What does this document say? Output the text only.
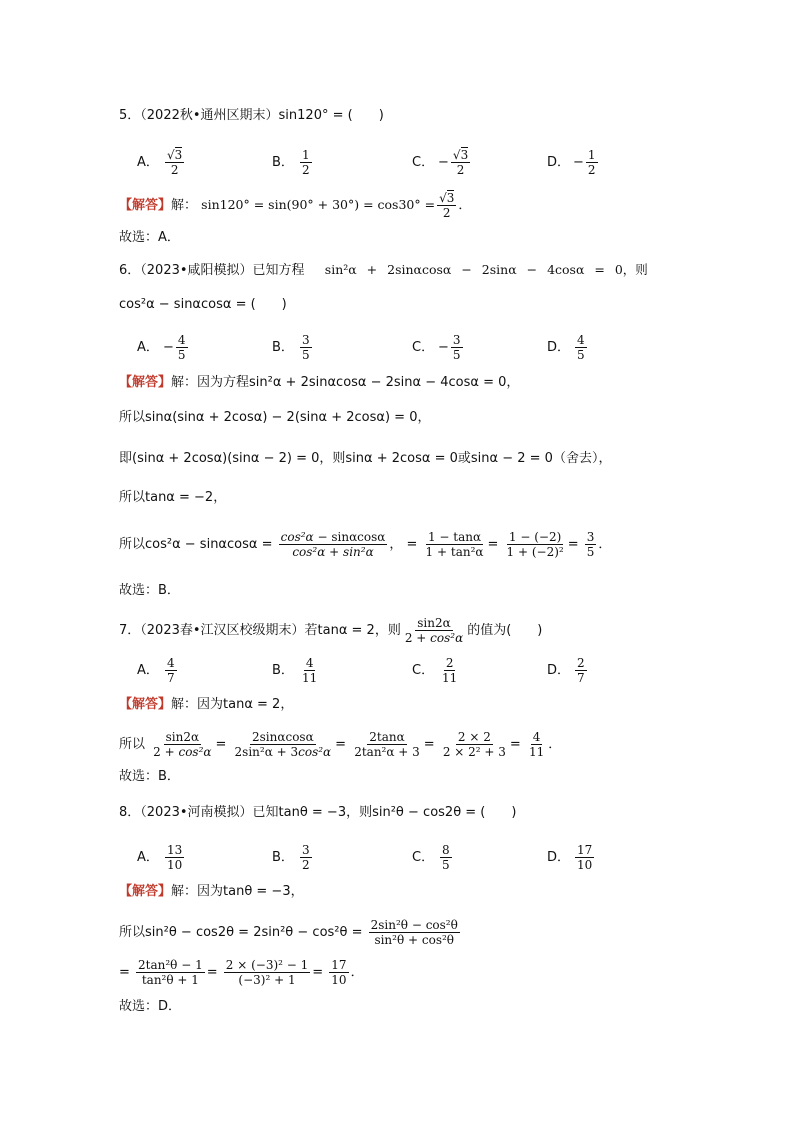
5．（2022秋•通州区期末）sin120° = (　　)
A． $\frac{√3}{2}$	B． $\frac{1}{2}$	C． − $\frac{√3}{2}$	D． − $\frac{1}{2}$
【解答】解： $\sin 120^\circ = \sin(90^\circ + 30^\circ) = \cos 30^\circ = \frac{√3}{2}$ ．
故选：A．
6．（2023•咸阳模拟）已知方程 sin²α + 2sinαcosα − 2sinα − 4cosα = 0，则
cos²α − sinαcosα = (　　)
A． − $\frac{4}{5}$	B． $\frac{3}{5}$	C． − $\frac{3}{5}$	D． $\frac{4}{5}$
【解答】解：因为方程sin²α + 2sinαcosα − 2sinα − 4cosα = 0，
所以sinα(sinα + 2cosα) − 2(sinα + 2cosα) = 0，
即(sinα + 2cosα)(sinα − 2) = 0，则sinα + 2cosα = 0或sinα − 2 = 0（舍去），
所以tanα = −2，
所以$\cos^2\alpha - \sin\alpha\cos\alpha = \frac{\text{cos²α − sinαcosα}}{\text{cos²α + sin²α}}$ ， = $\frac{1 - \tan\alpha}{\text{1 + tan²α}} = \frac{1 - (-2)}{\text{1 + (−2)²}} = \frac{3}{5}$ ．
故选：B．
7．（2023春•江汉区校级期末）若tanα = 2，则 $\frac{\sin 2\alpha}{\text{2 + cos²α}}$ 的值为(　　)
A． $\frac{4}{7}$	B． $\frac{4}{11}$	C． $\frac{2}{11}$	D． $\frac{2}{7}$
【解答】解：因为tanα = 2，
所以 $\frac{\sin 2\alpha}{\text{2 + cos²α}} = \frac{2\sin\alpha\cos\alpha}{\text{2sin²α + 3cos²α}} = \frac{2\tan\alpha}{\text{2tan²α + 3}} = \frac{2 \times 2}{\text{2 × 2² + 3}} = \frac{4}{11}$ ．
故选：B．
8．（2023•河南模拟）已知tanθ = −3，则sin²θ − cos2θ = (　　)
A． $\frac{13}{10}$	B． $\frac{3}{2}$	C． $\frac{8}{5}$	D． $\frac{17}{10}$
【解答】解：因为tanθ = −3，
所以$\sin^2\theta - \cos 2\theta = 2\sin^2\theta - \cos^2\theta = \frac{\text{2sin²θ − cos²θ}}{\text{sin²θ + cos²θ}}$
= $\frac{\text{2tan²θ − 1}}{\text{tan²θ + 1}} = \frac{\text{2 × (−3)² − 1}}{\text{(−3)² + 1}} = \frac{17}{10}$ ．
故选：D．
